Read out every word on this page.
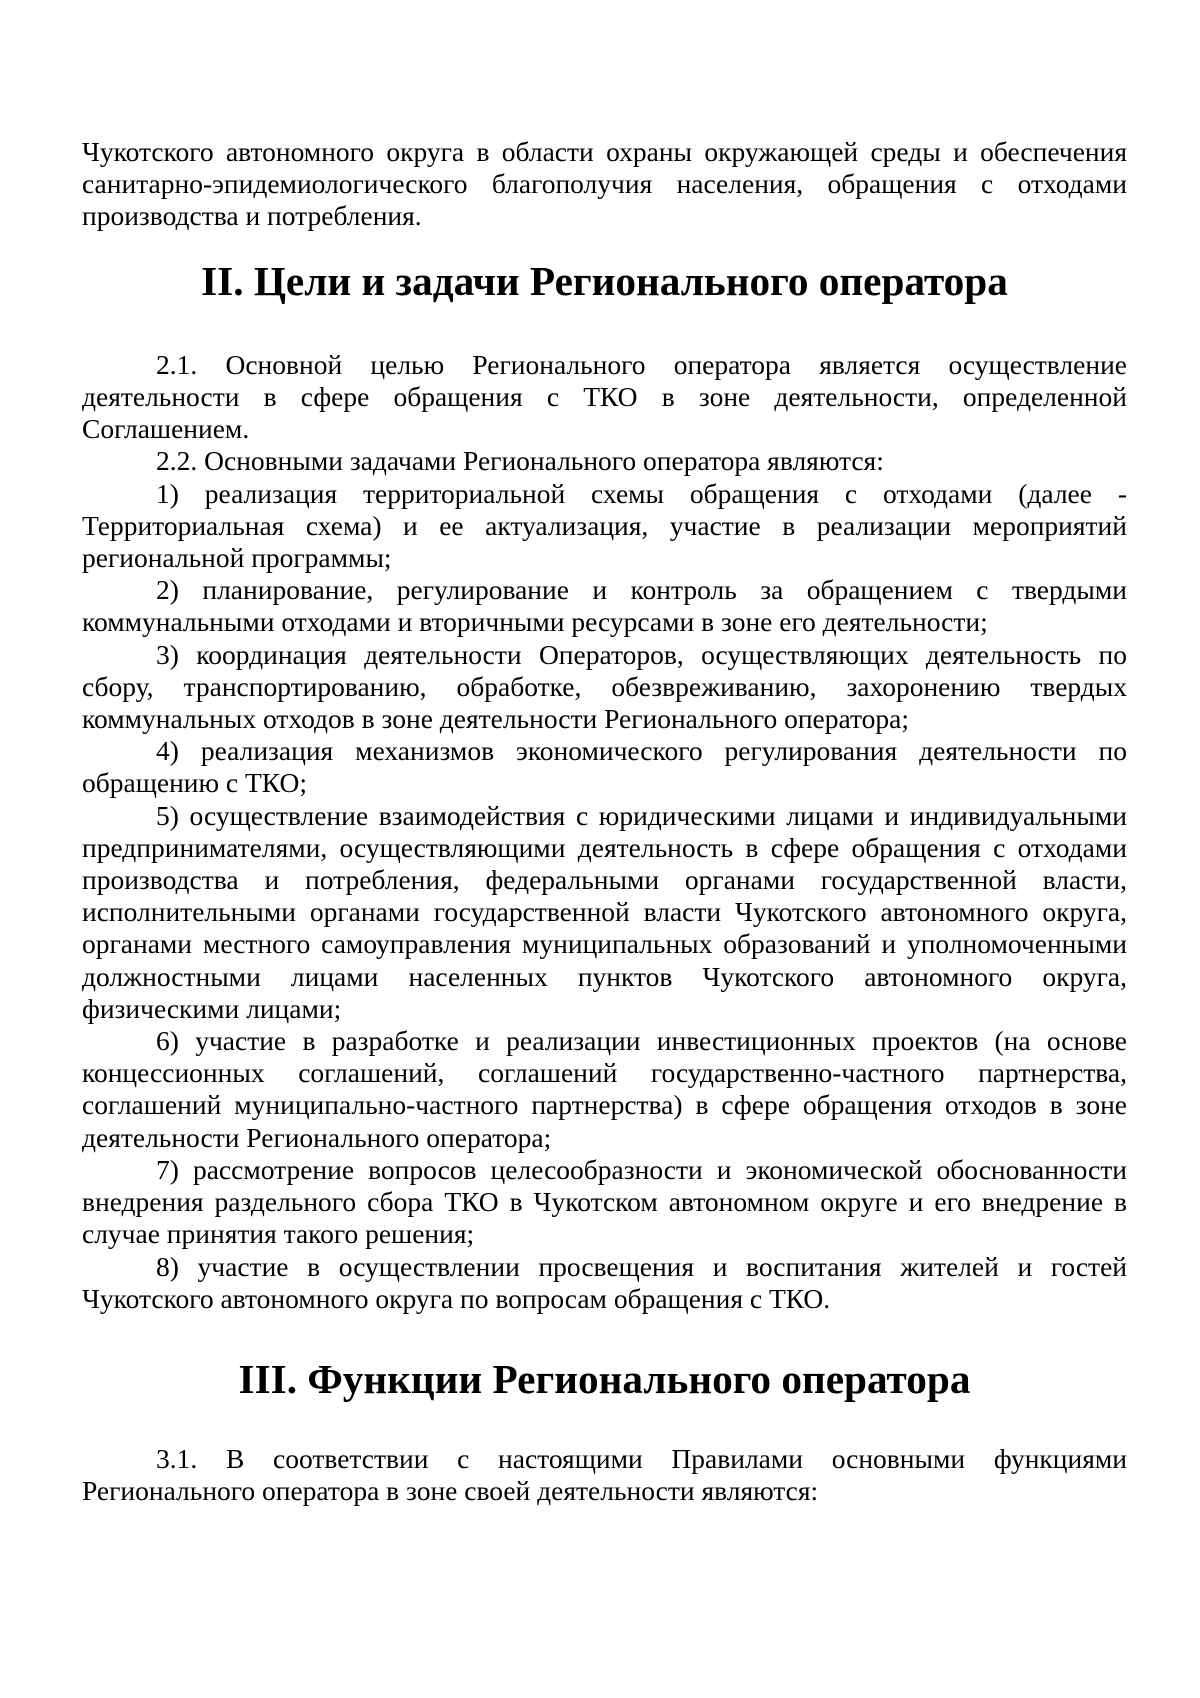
Чукотского автономного округа в области охраны окружающей среды и обеспечения санитарно-эпидемиологического благополучия населения, обращения с отходами производства и потребления.

II. Цели и задачи Регионального оператора

2.1. Основной целью Регионального оператора является осуществление деятельности в сфере обращения с ТКО в зоне деятельности, определенной Соглашением.

2.2. Основными задачами Регионального оператора являются:

1) реализация территориальной схемы обращения с отходами (далее - Территориальная схема) и ее актуализация, участие в реализации мероприятий региональной программы;

2) планирование, регулирование и контроль за обращением с твердыми коммунальными отходами и вторичными ресурсами в зоне его деятельности;

3) координация деятельности Операторов, осуществляющих деятельность по сбору, транспортированию, обработке, обезвреживанию, захоронению твердых коммунальных отходов в зоне деятельности Регионального оператора;

4) реализация механизмов экономического регулирования деятельности по обращению с ТКО;

5) осуществление взаимодействия с юридическими лицами и индивидуальными предпринимателями, осуществляющими деятельность в сфере обращения с отходами производства и потребления, федеральными органами государственной власти, исполнительными органами государственной власти Чукотского автономного округа, органами местного самоуправления муниципальных образований и уполномоченными должностными лицами населенных пунктов Чукотского автономного округа, физическими лицами;

6) участие в разработке и реализации инвестиционных проектов (на основе концессионных соглашений, соглашений государственно-частного партнерства, соглашений муниципально-частного партнерства) в сфере обращения отходов в зоне деятельности Регионального оператора;

7) рассмотрение вопросов целесообразности и экономической обоснованности внедрения раздельного сбора ТКО в Чукотском автономном округе и его внедрение в случае принятия такого решения;

8) участие в осуществлении просвещения и воспитания жителей и гостей Чукотского автономного округа по вопросам обращения с ТКО.

III. Функции Регионального оператора

3.1. В соответствии с настоящими Правилами основными функциями Регионального оператора в зоне своей деятельности являются:
